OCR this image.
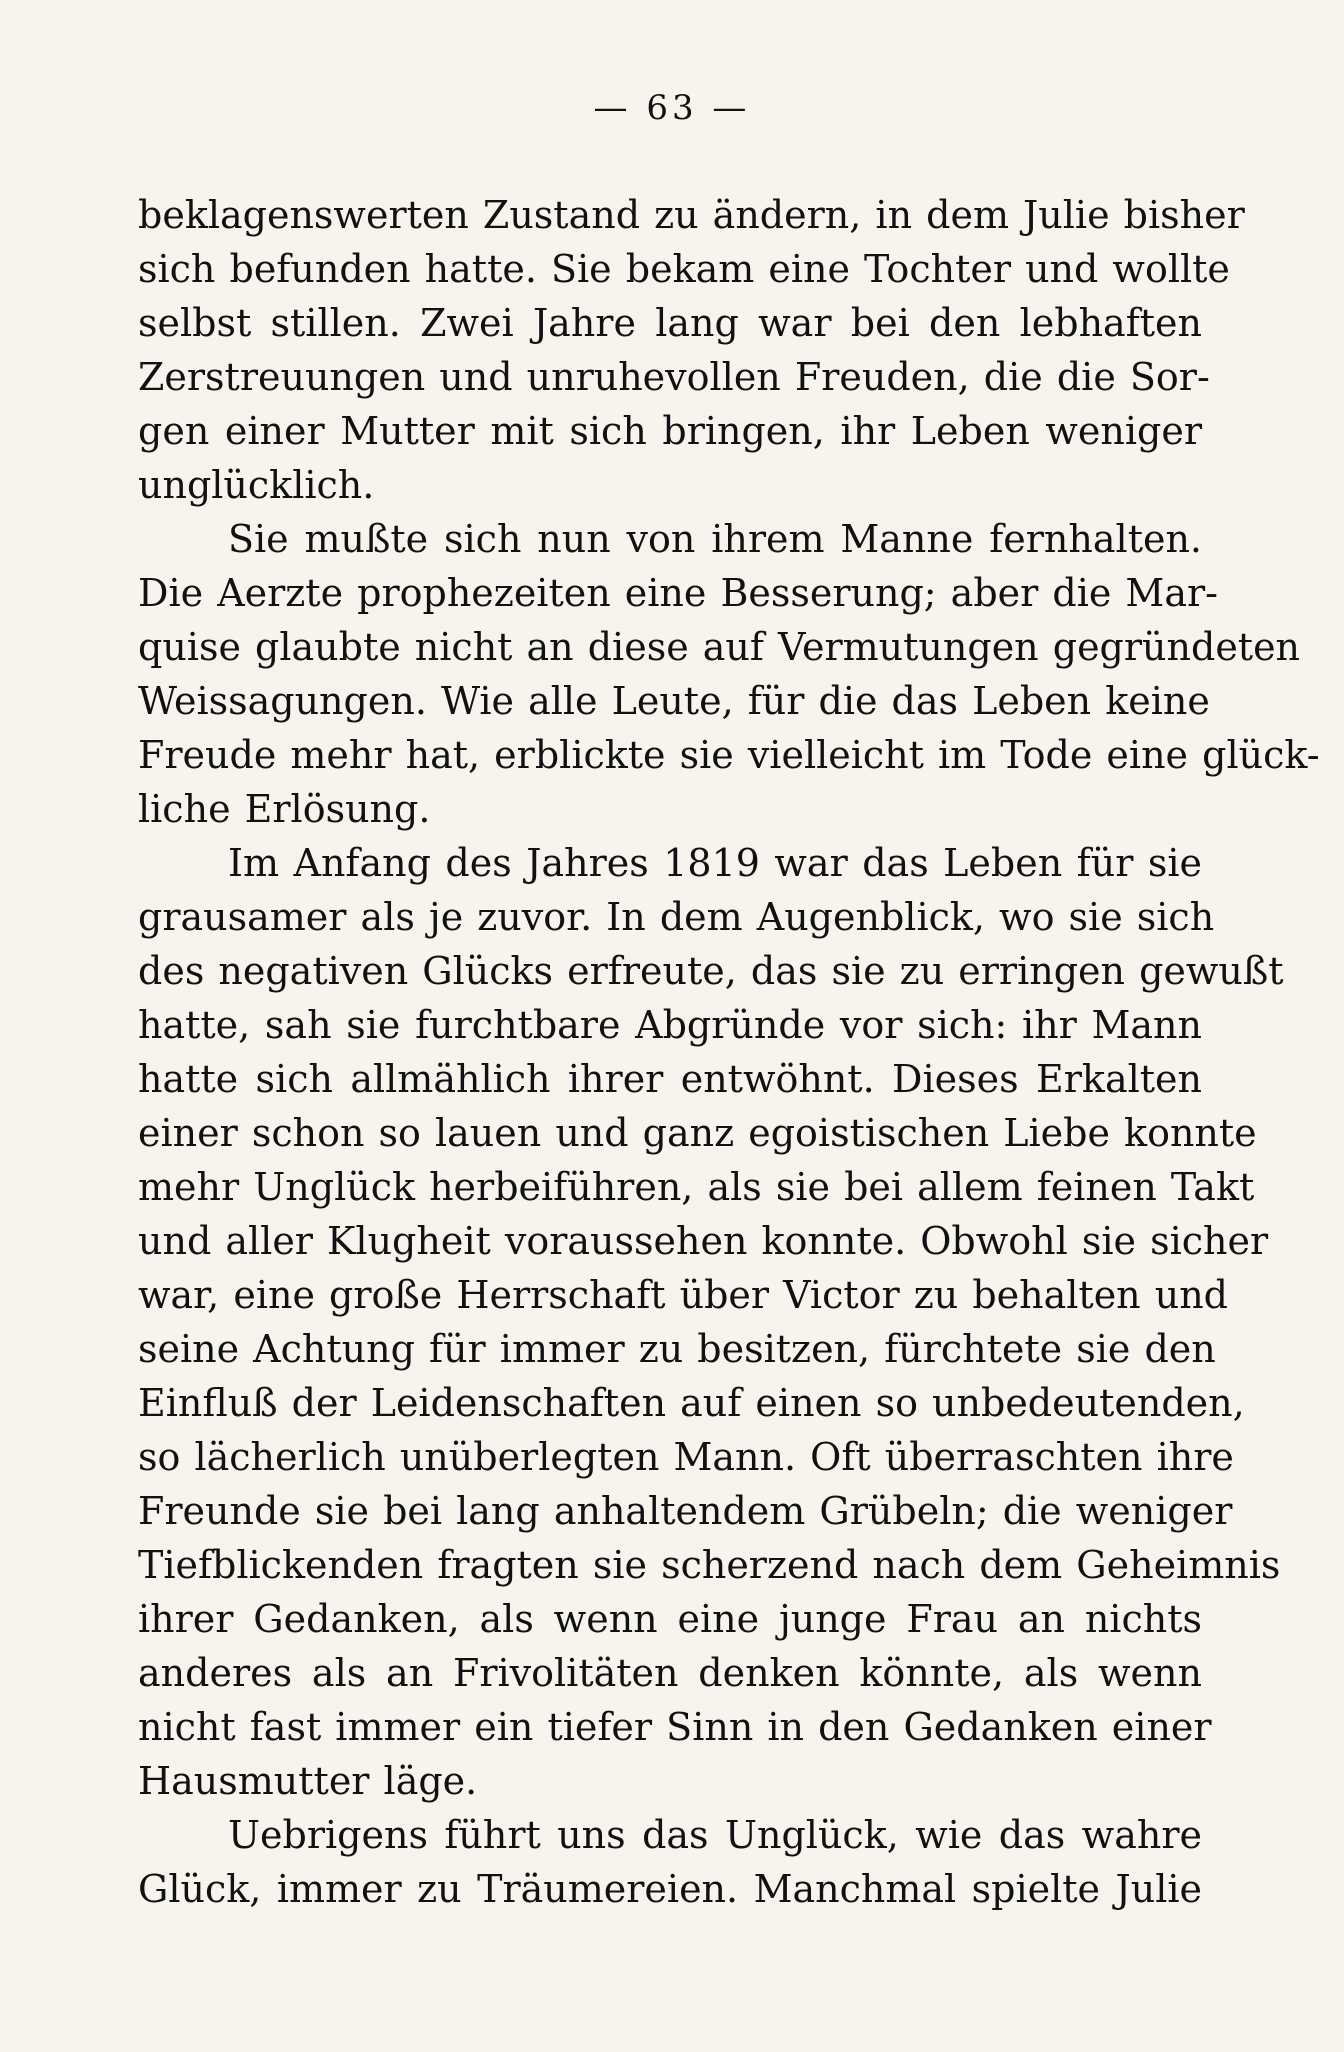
— 63 —
beklagenswerten Zustand zu ändern, in dem Julie bisher
sich befunden hatte. Sie bekam eine Tochter und wollte
selbst stillen. Zwei Jahre lang war bei den lebhaften
Zerstreuungen und unruhevollen Freuden, die die Sor-
gen einer Mutter mit sich bringen, ihr Leben weniger
unglücklich.
Sie mußte sich nun von ihrem Manne fernhalten.
Die Aerzte prophezeiten eine Besserung; aber die Mar-
quise glaubte nicht an diese auf Vermutungen gegründeten
Weissagungen. Wie alle Leute, für die das Leben keine
Freude mehr hat, erblickte sie vielleicht im Tode eine glück-
liche Erlösung.
Im Anfang des Jahres 1819 war das Leben für sie
grausamer als je zuvor. In dem Augenblick, wo sie sich
des negativen Glücks erfreute, das sie zu erringen gewußt
hatte, sah sie furchtbare Abgründe vor sich: ihr Mann
hatte sich allmählich ihrer entwöhnt. Dieses Erkalten
einer schon so lauen und ganz egoistischen Liebe konnte
mehr Unglück herbeiführen, als sie bei allem feinen Takt
und aller Klugheit voraussehen konnte. Obwohl sie sicher
war, eine große Herrschaft über Victor zu behalten und
seine Achtung für immer zu besitzen, fürchtete sie den
Einfluß der Leidenschaften auf einen so unbedeutenden,
so lächerlich unüberlegten Mann. Oft überraschten ihre
Freunde sie bei lang anhaltendem Grübeln; die weniger
Tiefblickenden fragten sie scherzend nach dem Geheimnis
ihrer Gedanken, als wenn eine junge Frau an nichts
anderes als an Frivolitäten denken könnte, als wenn
nicht fast immer ein tiefer Sinn in den Gedanken einer
Hausmutter läge.
Uebrigens führt uns das Unglück, wie das wahre
Glück, immer zu Träumereien. Manchmal spielte Julie
